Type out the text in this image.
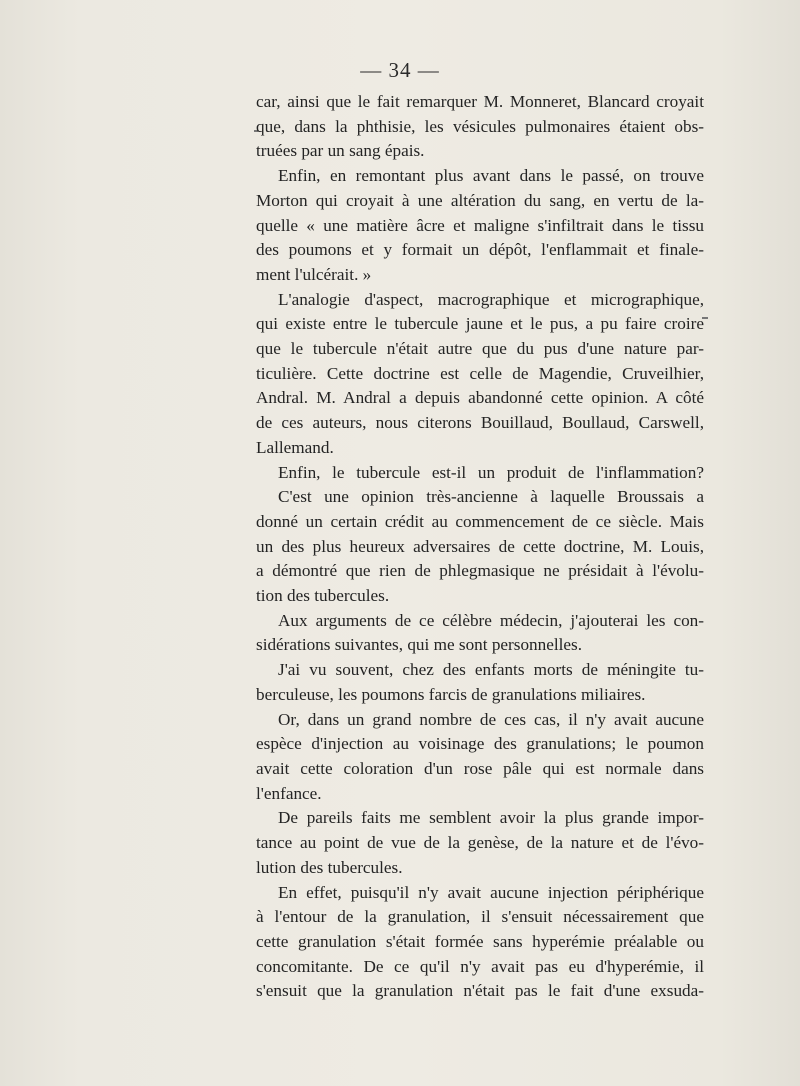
— 34 —
car, ainsi que le fait remarquer M. Monneret, Blancard croyait
que, dans la phthisie, les vésicules pulmonaires étaient obs-
truées par un sang épais.
Enfin, en remontant plus avant dans le passé, on trouve
Morton qui croyait à une altération du sang, en vertu de la-
quelle « une matière âcre et maligne s'infiltrait dans le tissu
des poumons et y formait un dépôt, l'enflammait et finale-
ment l'ulcérait. »
L'analogie d'aspect, macrographique et micrographique,
qui existe entre le tubercule jaune et le pus, a pu faire croire
que le tubercule n'était autre que du pus d'une nature par-
ticulière. Cette doctrine est celle de Magendie, Cruveilhier,
Andral. M. Andral a depuis abandonné cette opinion. A côté
de ces auteurs, nous citerons Bouillaud, Boullaud, Carswell,
Lallemand.
Enfin, le tubercule est-il un produit de l'inflammation?
C'est une opinion très-ancienne à laquelle Broussais a
donné un certain crédit au commencement de ce siècle. Mais
un des plus heureux adversaires de cette doctrine, M. Louis,
a démontré que rien de phlegmasique ne présidait à l'évolu-
tion des tubercules.
Aux arguments de ce célèbre médecin, j'ajouterai les con-
sidérations suivantes, qui me sont personnelles.
J'ai vu souvent, chez des enfants morts de méningite tu-
berculeuse, les poumons farcis de granulations miliaires.
Or, dans un grand nombre de ces cas, il n'y avait aucune
espèce d'injection au voisinage des granulations; le poumon
avait cette coloration d'un rose pâle qui est normale dans
l'enfance.
De pareils faits me semblent avoir la plus grande impor-
tance au point de vue de la genèse, de la nature et de l'évo-
lution des tubercules.
En effet, puisqu'il n'y avait aucune injection périphérique
à l'entour de la granulation, il s'ensuit nécessairement que
cette granulation s'était formée sans hyperémie préalable ou
concomitante. De ce qu'il n'y avait pas eu d'hyperémie, il
s'ensuit que la granulation n'était pas le fait d'une exsuda-
